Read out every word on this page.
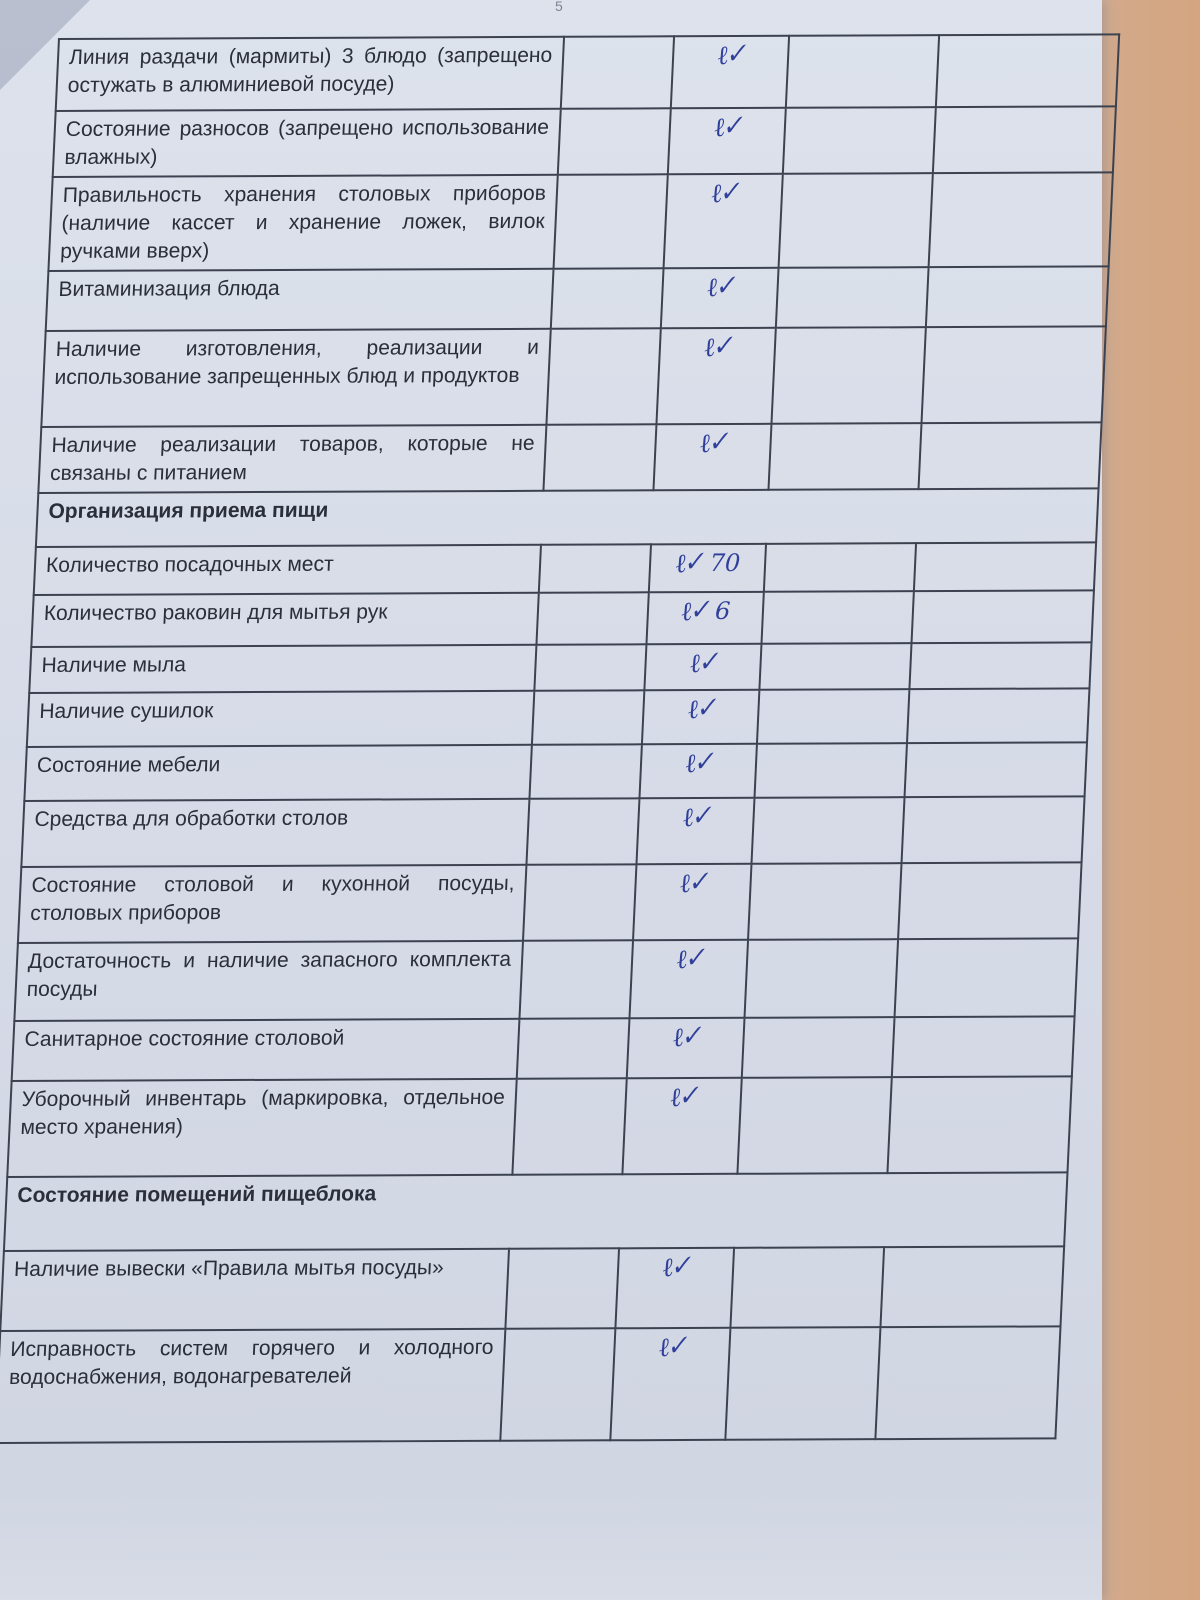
5
Линия раздачи (мармиты) 3 блюдо (запрещено остужать в алюминиевой посуде)		ℓ✓		
Состояние разносов (запрещено использование влажных)		ℓ✓		
Правильность хранения столовых приборов (наличие кассет и хранение ложек, вилок ручками вверх)		ℓ✓		
Витаминизация блюда		ℓ✓		
Наличие изготовления, реализации и использование запрещенных блюд и продуктов		ℓ✓		
Наличие реализации товаров, которые не связаны с питанием		ℓ✓		
Организация приема пищи				
Количество посадочных мест		ℓ✓ 70		
Количество раковин для мытья рук		ℓ✓ 6		
Наличие мыла		ℓ✓		
Наличие сушилок		ℓ✓		
Состояние мебели		ℓ✓		
Средства для обработки столов		ℓ✓		
Состояние столовой и кухонной посуды, столовых приборов		ℓ✓		
Достаточность и наличие запасного комплекта посуды		ℓ✓		
Санитарное состояние столовой		ℓ✓		
Уборочный инвентарь (маркировка, отдельное место хранения)		ℓ✓		
Состояние помещений пищеблока				
Наличие вывески «Правила мытья посуды»		ℓ✓		
Исправность систем горячего и холодного водоснабжения, водонагревателей		ℓ✓		
